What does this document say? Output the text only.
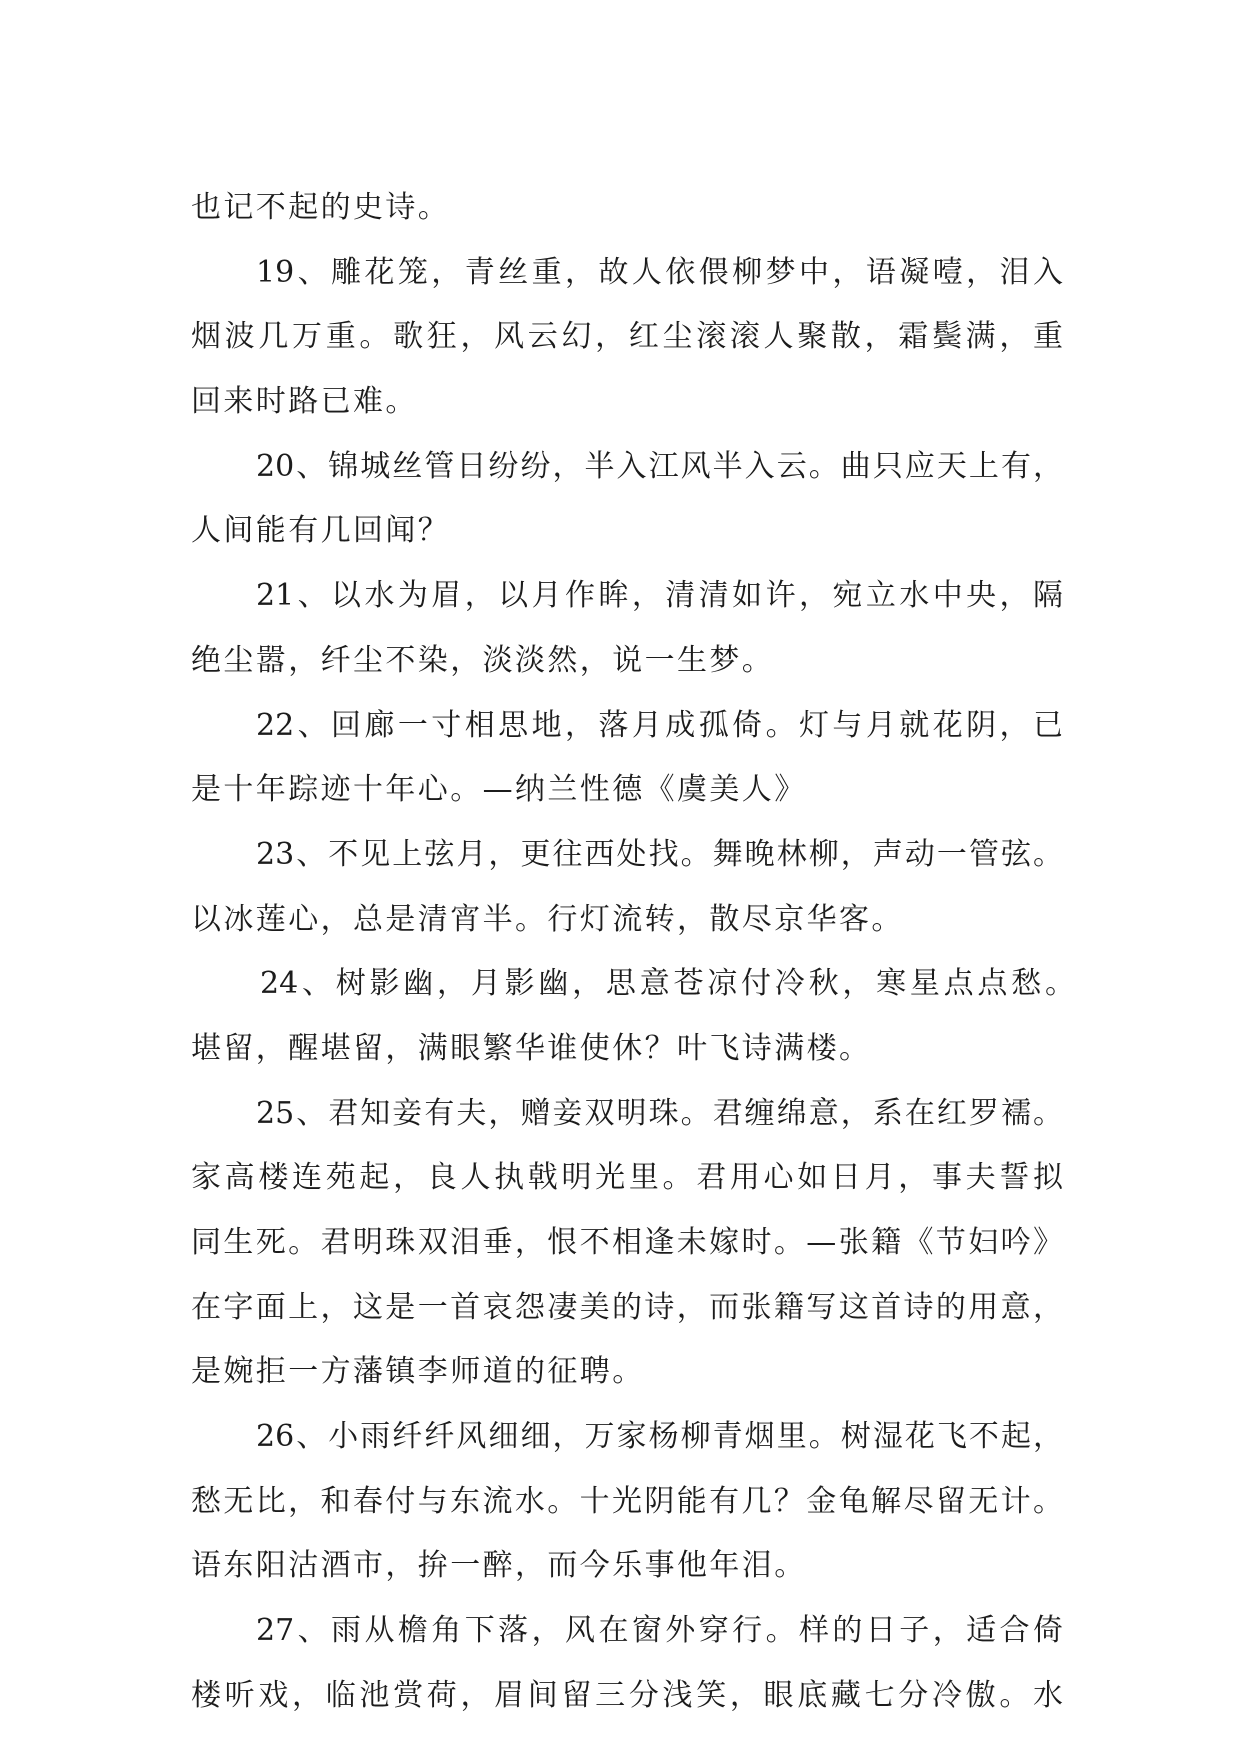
也记不起的史诗。
19、雕花笼，青丝重，故人依偎柳梦中，语凝噎，泪入
烟波几万重。歌狂，风云幻，红尘滚滚人聚散，霜鬓满，重
回来时路已难。
20、锦城丝管日纷纷，半入江风半入云。曲只应天上有，
人间能有几回闻？
21、以水为眉，以月作眸，清清如许，宛立水中央，隔
绝尘嚣，纤尘不染，淡淡然，说一生梦。
22、回廊一寸相思地，落月成孤倚。灯与月就花阴，已
是十年踪迹十年心。—纳兰性德《虞美人》
23、不见上弦月，更往西处找。舞晚林柳，声动一管弦。
以冰莲心，总是清宵半。行灯流转，散尽京华客。
24、树影幽，月影幽，思意苍凉付冷秋，寒星点点愁。
堪留，醒堪留，满眼繁华谁使休？叶飞诗满楼。
25、君知妾有夫，赠妾双明珠。君缠绵意，系在红罗襦。
家高楼连苑起，良人执戟明光里。君用心如日月，事夫誓拟
同生死。君明珠双泪垂，恨不相逢未嫁时。—张籍《节妇吟》
在字面上，这是一首哀怨凄美的诗，而张籍写这首诗的用意，
是婉拒一方藩镇李师道的征聘。
26、小雨纤纤风细细，万家杨柳青烟里。树湿花飞不起，
愁无比，和春付与东流水。十光阴能有几？金龟解尽留无计。
语东阳沽酒市，拚一醉，而今乐事他年泪。
27、雨从檐角下落，风在窗外穿行。样的日子，适合倚
楼听戏，临池赏荷，眉间留三分浅笑，眼底藏七分冷傲。水
